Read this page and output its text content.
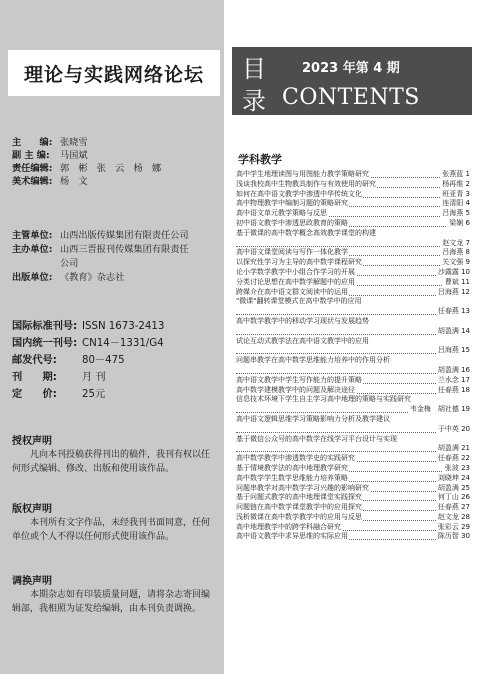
理论与实践网络论坛
主　　编: 张晓雪
副 主 编: 马国斌
责任编辑: 郭　彬　张　云　杨　娜
美术编辑: 杨　文
主管单位: 山西出版传媒集团有限责任公司
主办单位: 山西三晋报刊传媒集团有限责任
公司
出版单位: 《教育》杂志社
国际标准刊号: ISSN 1673-2413
国内统一刊号: CN14－1331/G4
邮发代号: 80－475
刊　　期: 月 刊
定　　价: 25元
授权声明
凡向本刊投稿获得刊出的稿件，我刊有权以任何形式编辑、修改、出版和使用该作品。
版权声明
本刊所有文字作品，未经我刊书面同意，任何单位或个人不得以任何形式使用该作品。
调换声明
本期杂志如有印装质量问题，请将杂志寄回编辑部，我相照为证发给编辑，由本刊负责调换。
目
录
2023 年第 4 期
CONTENTS
学科教学
高中学生地理读图与用图能力教学策略研究	张燕蓝 1
浅谈我校高中生物教具制作与有效使用的研究	杨再维 2
如何在高中语文教学中渗透中华传统文化	班亚青 3
高中物理教学中编制习题的策略研究	连清阳 4
高中语文单元教学策略与反思	吕海燕 5
初中语文教学中渗透思政教育的策略	梁娴 6
基于微课的高中数学概念高效教学课堂的构建
赵文龙 7
高中语文课堂阅读与写作一体化教学	吕海燕 8
以探究性学习为主导的高中数学课程研究	关文强 9
论小学数学教学中小组合作学习的开展	沙露露 10
分类讨论思想在高中数学解题中的应用	曹斌 11
跨媒介在高中语文群文阅读中的运用	吕海燕 12
"微课"翻转课堂模式在高中数学中的应用
任春燕 13
高中数学教学中的移动学习现状与发展趋势
胡盈满 14
试论互动式教学法在高中语文教学中的应用
吕海燕 15
问题串教学在高中数学思维能力培养中的作用分析
胡盈满 16
高中语文教学中学生写作能力的提升策略	兰水念 17
高中数学建模教学中的问题及解决途径	任春燕 18
信息技术环境下学生自主学习高中地理的策略与实践研究
韦金梅　胡社德 19
高中语文逻辑思维学习策略影响力分析及教学建议
于中英 20
基于微信公众号的高中数学在线学习平台设计与实现
胡盈满 21
高中数学教学中渗透数学史的实践研究	任春燕 22
基于情境教学法的高中地理教学研究	张波 23
高中数学学生数学思维能力培养策略	刘晓坤 24
问题串教学对高中数学学习兴趣的影响研究	胡盈满 25
基于问题式教学的高中地理课堂实践探究	何丁山 26
问题链在高中数学课堂教学中的应用探究	任春燕 27
浅析微课在高中数学教学中的应用与反思	赵文龙 28
高中地理教学中的跨学科融合研究	张彩云 29
高中语文教学中求异思维的实际应用	陈历智 30
